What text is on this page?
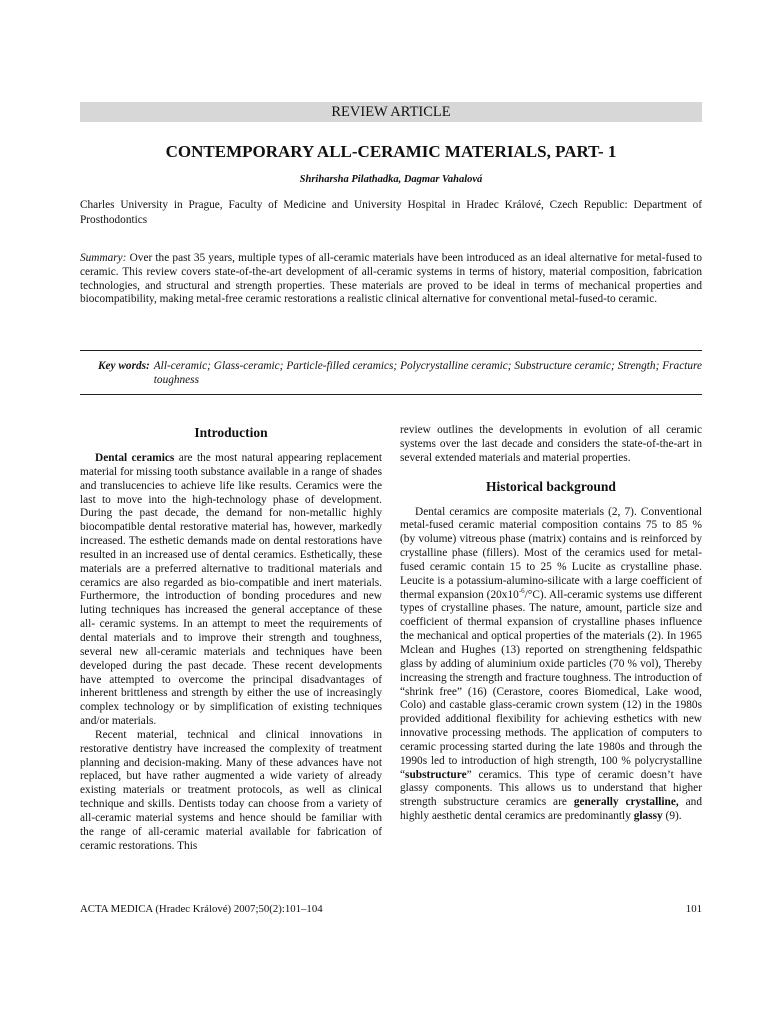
REVIEW ARTICLE
CONTEMPORARY ALL-CERAMIC MATERIALS, PART- 1
Shriharsha Pilathadka, Dagmar Vahalová
Charles University in Prague, Faculty of Medicine and University Hospital in Hradec Králové, Czech Republic: Department of Prosthodontics
Summary: Over the past 35 years, multiple types of all-ceramic materials have been introduced as an ideal alternative for metal-fused to ceramic. This review covers state-of-the-art development of all-ceramic systems in terms of history, material composition, fabrication technologies, and structural and strength properties. These materials are proved to be ideal in terms of mechanical properties and biocompatibility, making metal-free ceramic restorations a realistic clinical alternative for conventional metal-fused-to ceramic.
Key words: All-ceramic; Glass-ceramic; Particle-filled ceramics; Polycrystalline ceramic; Substructure ceramic; Strength; Fracture toughness
Introduction

Dental ceramics are the most natural appearing replacement material for missing tooth substance available in a range of shades and translucencies to achieve life like results. Ceramics were the last to move into the high-technology phase of development. During the past decade, the demand for non-metallic highly biocompatible dental restorative material has, however, markedly increased. The esthetic demands made on dental restorations have resulted in an increased use of dental ceramics. Esthetically, these materials are a preferred alternative to traditional materials and ceramics are also regarded as bio-compatible and inert materials. Furthermore, the introduction of bonding procedures and new luting techniques has increased the general acceptance of these all- ceramic systems. In an attempt to meet the requirements of dental materials and to improve their strength and toughness, several new all-ceramic materials and techniques have been developed during the past decade. These recent developments have attempted to overcome the principal disadvantages of inherent brittleness and strength by either the use of increasingly complex technology or by simplification of existing techniques and/or materials.

Recent material, technical and clinical innovations in restorative dentistry have increased the complexity of treatment planning and decision-making. Many of these advances have not replaced, but have rather augmented a wide variety of already existing materials or treatment protocols, as well as clinical technique and skills. Dentists today can choose from a variety of all-ceramic material systems and hence should be familiar with the range of all-ceramic material available for fabrication of ceramic restorations. This

review outlines the developments in evolution of all ceramic systems over the last decade and considers the state-of-the-art in several extended materials and material properties.

Historical background

Dental ceramics are composite materials (2, 7). Conventional metal-fused ceramic material composition contains 75 to 85 % (by volume) vitreous phase (matrix) contains and is reinforced by crystalline phase (fillers). Most of the ceramics used for metal-fused ceramic contain 15 to 25 % Lucite as crystalline phase. Leucite is a potassium-alumino-silicate with a large coefficient of thermal expansion $(20x10^{-6}/^\circ C)$. All-ceramic systems use different types of crystalline phases. The nature, amount, particle size and coefficient of thermal expansion of crystalline phases influence the mechanical and optical properties of the materials (2). In 1965 Mclean and Hughes (13) reported on strengthening feldspathic glass by adding of aluminium oxide particles (70 % vol), Thereby increasing the strength and fracture toughness. The introduction of “shrink free” (16) (Cerastore, coores Biomedical, Lake wood, Colo) and castable glass-ceramic crown system (12) in the 1980s provided additional flexibility for achieving esthetics with new innovative processing methods. The application of computers to ceramic processing started during the late 1980s and through the 1990s led to introduction of high strength, 100 % polycrystalline “substructure” ceramics. This type of ceramic doesn’t have glassy components. This allows us to understand that higher strength substructure ceramics are generally crystalline, and highly aesthetic dental ceramics are predominantly glassy (9).

ACTA MEDICA (Hradec Králové) 2007;50(2):101–104	101
